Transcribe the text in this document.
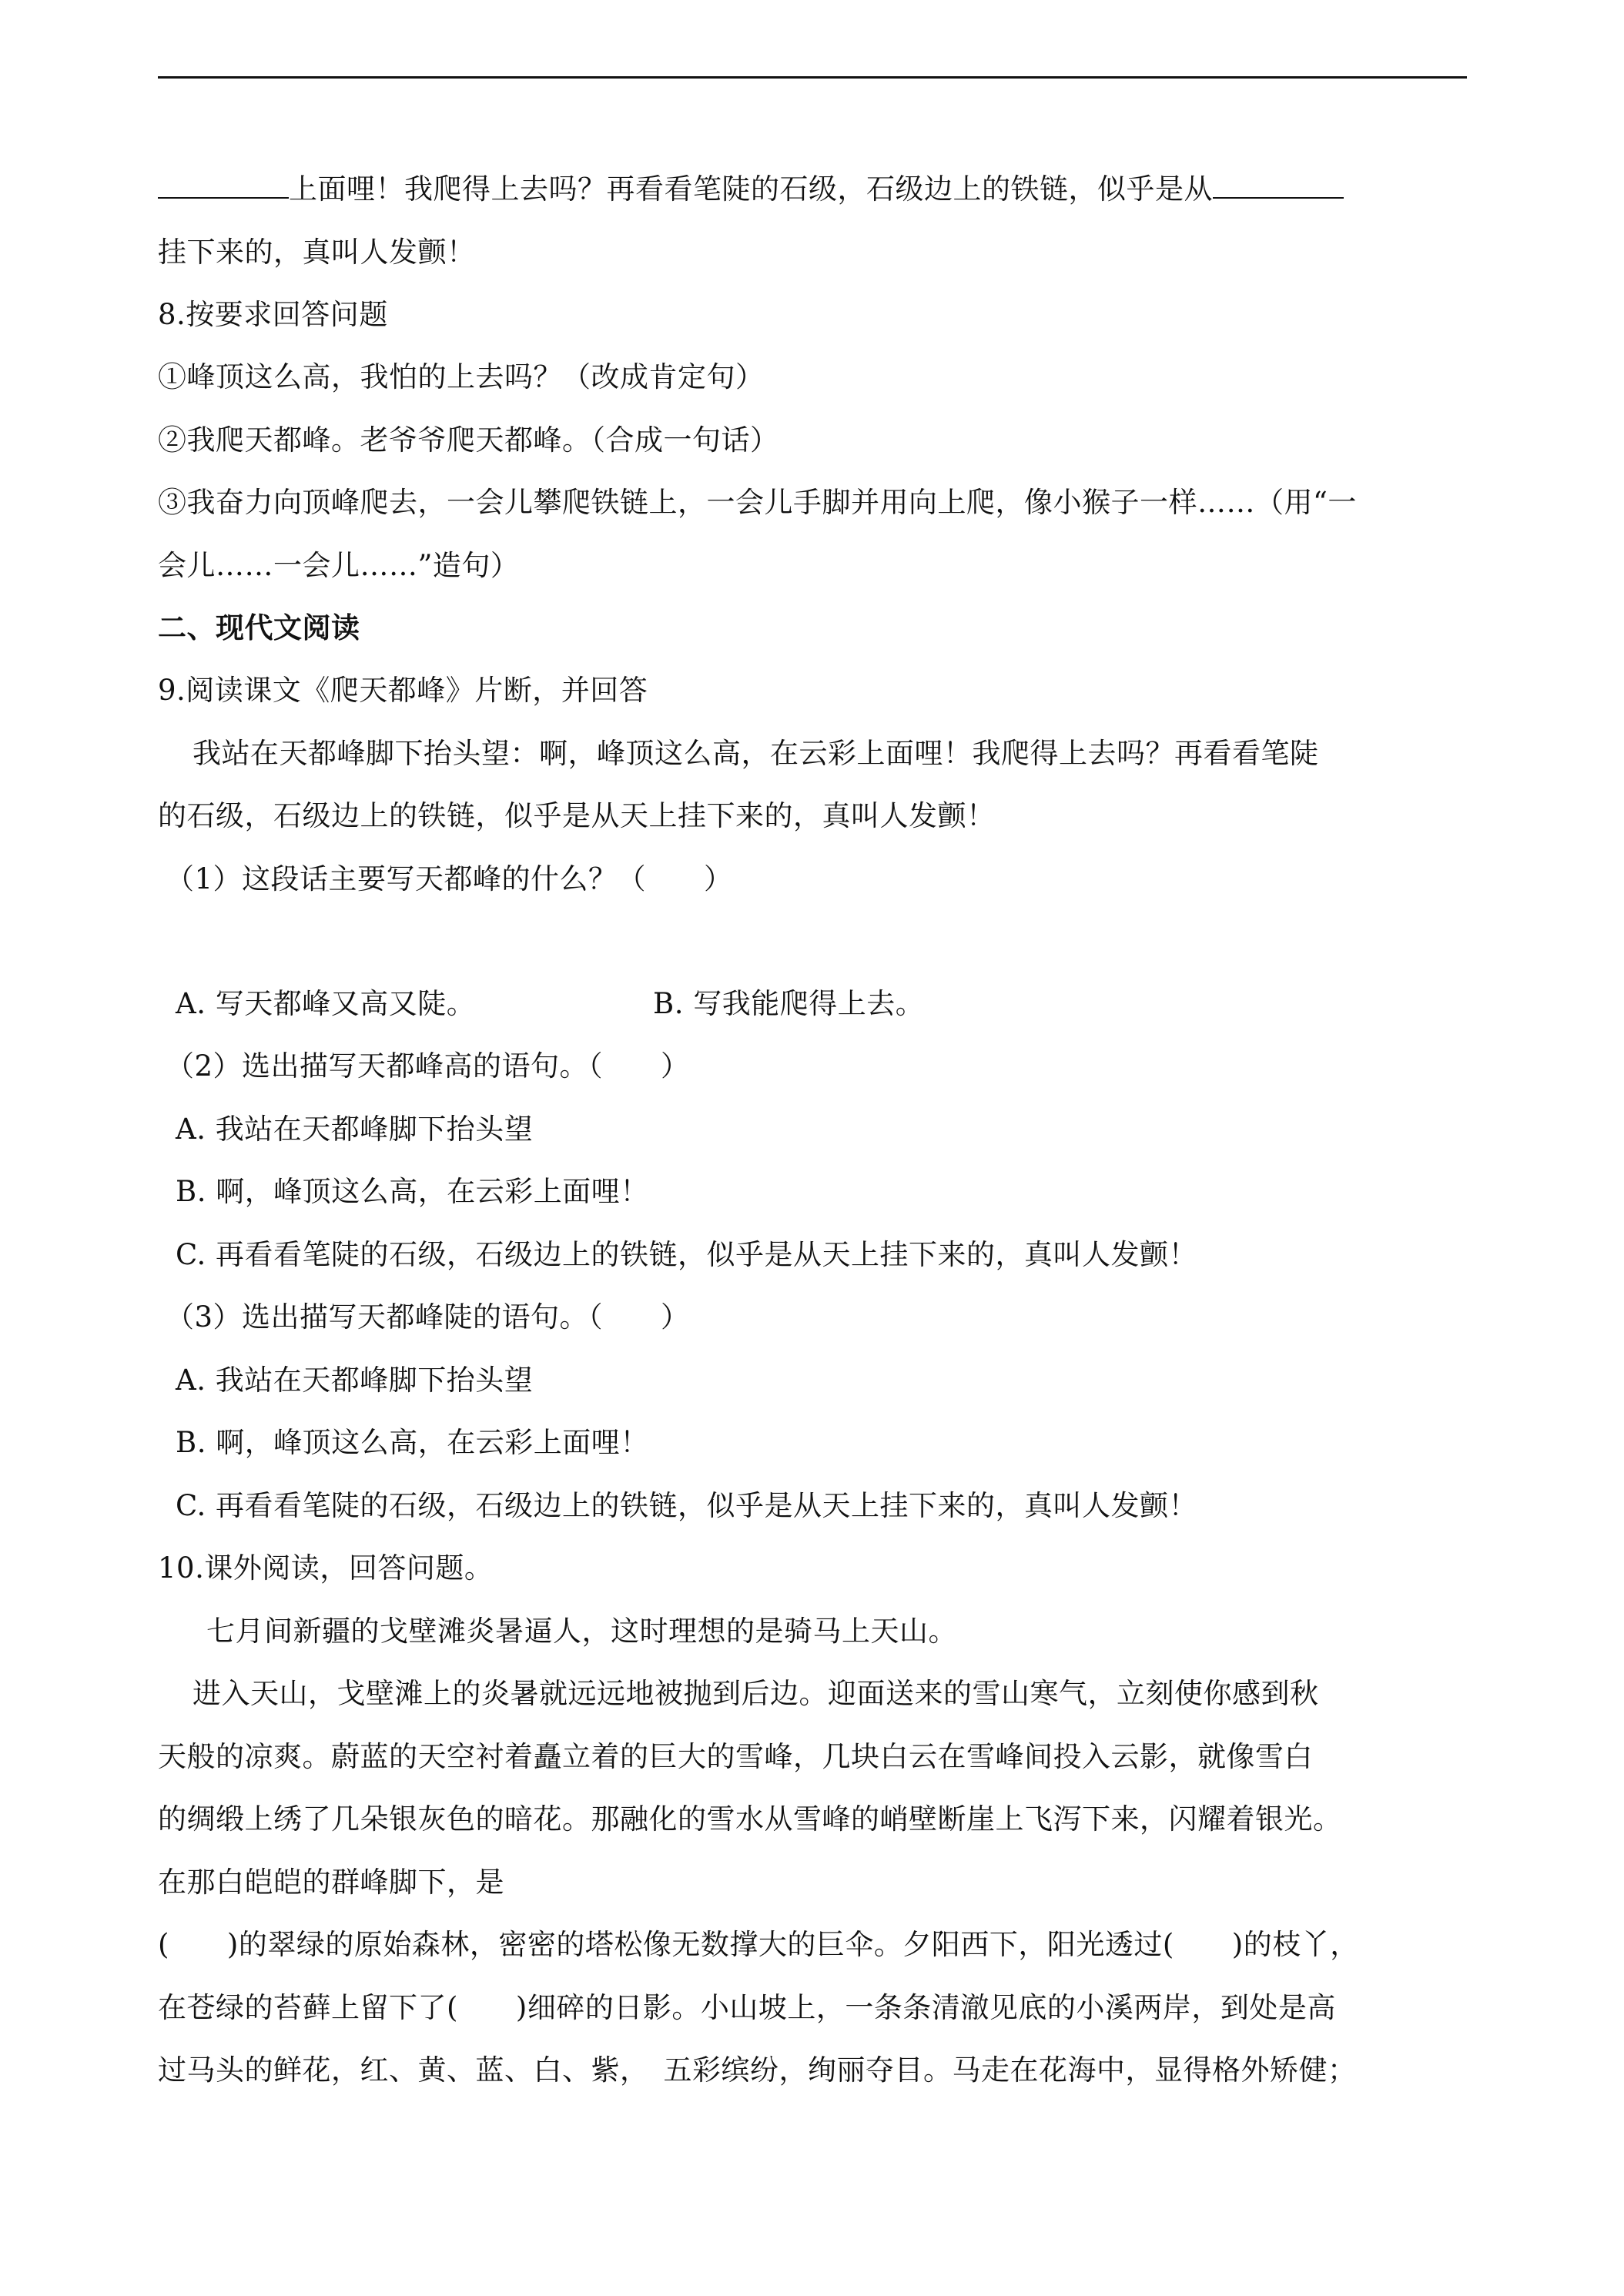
上面哩！我爬得上去吗？再看看笔陡的石级，石级边上的铁链，似乎是从
挂下来的，真叫人发颤！
8.按要求回答问题
①峰顶这么高，我怕的上去吗？（改成肯定句）
②我爬天都峰。老爷爷爬天都峰。（合成一句话）
③我奋力向顶峰爬去，一会儿攀爬铁链上，一会儿手脚并用向上爬，像小猴子一样……（用“一
会儿……一会儿……”造句）
二、现代文阅读
9.阅读课文《爬天都峰》片断，并回答
我站在天都峰脚下抬头望：啊，峰顶这么高，在云彩上面哩！我爬得上去吗？再看看笔陡
的石级，石级边上的铁链，似乎是从天上挂下来的，真叫人发颤！
（1）这段话主要写天都峰的什么？（　　）
A. 写天都峰又高又陡。	B. 写我能爬得上去。
（2）选出描写天都峰高的语句。（　　）
A. 我站在天都峰脚下抬头望
B. 啊，峰顶这么高，在云彩上面哩！
C. 再看看笔陡的石级，石级边上的铁链，似乎是从天上挂下来的，真叫人发颤！
（3）选出描写天都峰陡的语句。（　　）
A. 我站在天都峰脚下抬头望
B. 啊，峰顶这么高，在云彩上面哩！
C. 再看看笔陡的石级，石级边上的铁链，似乎是从天上挂下来的，真叫人发颤！
10.课外阅读，回答问题。
七月间新疆的戈壁滩炎暑逼人，这时理想的是骑马上天山。
进入天山，戈壁滩上的炎暑就远远地被抛到后边。迎面送来的雪山寒气，立刻使你感到秋
天般的凉爽。蔚蓝的天空衬着矗立着的巨大的雪峰，几块白云在雪峰间投入云影，就像雪白
的绸缎上绣了几朵银灰色的暗花。那融化的雪水从雪峰的峭壁断崖上飞泻下来，闪耀着银光。
在那白皑皑的群峰脚下，是
(　　)的翠绿的原始森林，密密的塔松像无数撑大的巨伞。夕阳西下，阳光透过(　　)的枝丫，
在苍绿的苔藓上留下了(　　)细碎的日影。小山坡上，一条条清澈见底的小溪两岸，到处是高
过马头的鲜花，红、黄、蓝、白、紫，　五彩缤纷，绚丽夺目。马走在花海中，显得格外矫健；
